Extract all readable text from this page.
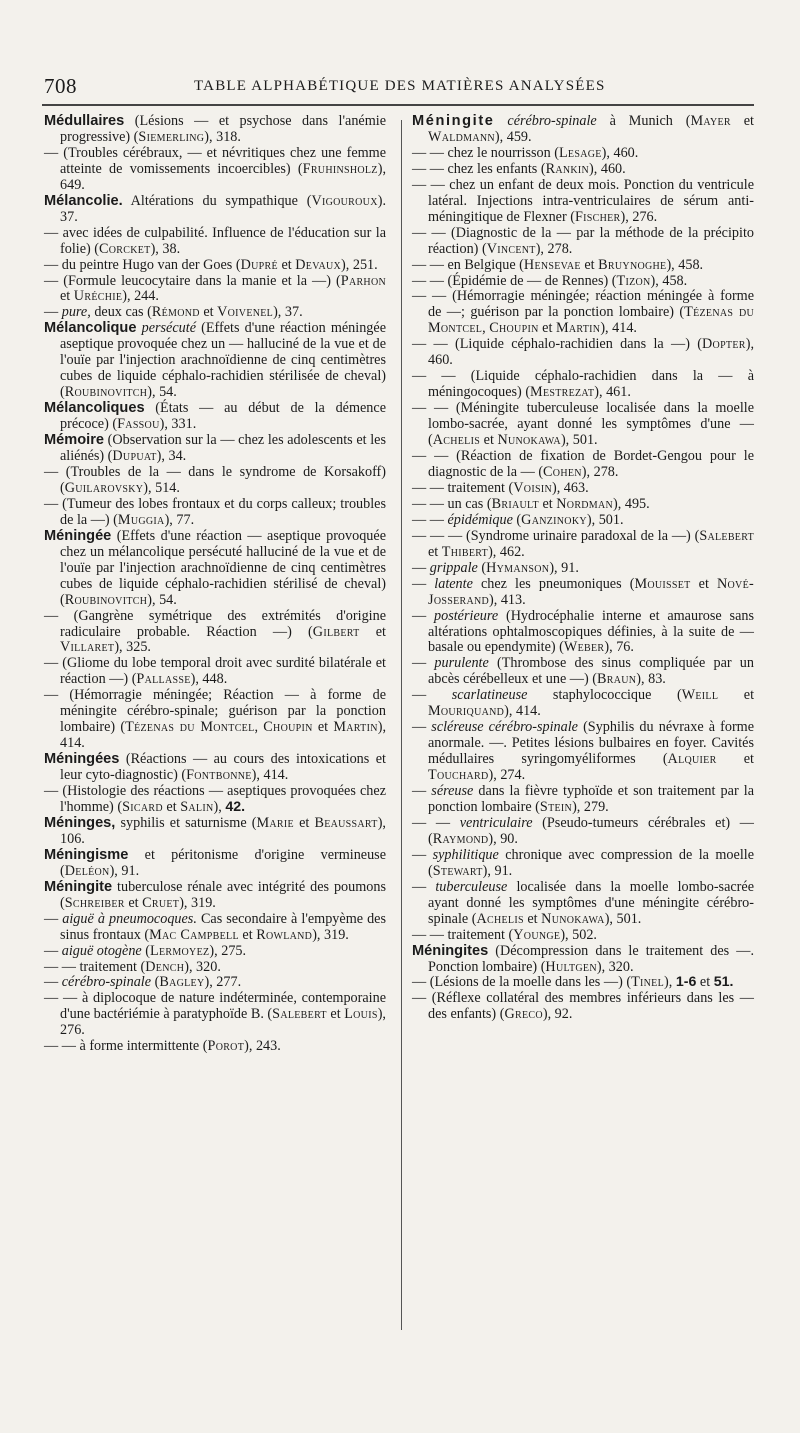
708	TABLE ALPHABÉTIQUE DES MATIÈRES ANALYSÉES

Médullaires (Lésions — et psychose dans l'anémie progressive) (Siemerling), 318.

— (Troubles cérébraux, — et névritiques chez une femme atteinte de vomissements incoercibles) (Fruhinsholz), 649.

Mélancolie. Altérations du sympathique (Vigouroux). 37.

— avec idées de culpabilité. Influence de l'éducation sur la folie) (Corcket), 38.

— du peintre Hugo van der Goes (Dupré et Devaux), 251.

— (Formule leucocytaire dans la manie et la —) (Parhon et Uréchie), 244.

— pure, deux cas (Rémond et Voivenel), 37.

Mélancolique persécuté (Effets d'une réaction méningée aseptique provoquée chez un — halluciné de la vue et de l'ouïe par l'injection arachnoïdienne de cinq centimètres cubes de liquide céphalo-rachidien stérilisée de cheval) (Roubinovitch), 54.

Mélancoliques (États — au début de la démence précoce) (Fassou), 331.

Mémoire (Observation sur la — chez les adolescents et les aliénés) (Dupuat), 34.

— (Troubles de la — dans le syndrome de Korsakoff) (Guilarovsky), 514.

— (Tumeur des lobes frontaux et du corps calleux; troubles de la —) (Muggia), 77.

Méningée (Effets d'une réaction — aseptique provoquée chez un mélancolique persécuté halluciné de la vue et de l'ouïe par l'injection arachnoïdienne de cinq centimètres cubes de liquide céphalo-rachidien stérilisé de cheval) (Roubinovitch), 54.

— (Gangrène symétrique des extrémités d'origine radiculaire probable. Réaction —) (Gilbert et Villaret), 325.

— (Gliome du lobe temporal droit avec surdité bilatérale et réaction —) (Pallasse), 448.

— (Hémorragie méningée; Réaction — à forme de méningite cérébro-spinale; guérison par la ponction lombaire) (Tézenas du Montcel, Choupin et Martin), 414.

Méningées (Réactions — au cours des intoxications et leur cyto-diagnostic) (Fontbonne), 414.

— (Histologie des réactions — aseptiques provoquées chez l'homme) (Sicard et Salin), 42.

Méninges, syphilis et saturnisme (Marie et Beaussart), 106.

Méningisme et péritonisme d'origine vermineuse (Deléon), 91.

Méningite tuberculose rénale avec intégrité des poumons (Schreiber et Cruet), 319.

— aiguë à pneumocoques. Cas secondaire à l'empyème des sinus frontaux (Mac Campbell et Rowland), 319.

— aiguë otogène (Lermoyez), 275.

— — traitement (Dench), 320.

— cérébro-spinale (Bagley), 277.

— — à diplocoque de nature indéterminée, contemporaine d'une bactériémie à paratyphoïde B. (Salebert et Louis), 276.

— — à forme intermittente (Porot), 243.

Méningite cérébro-spinale à Munich (Mayer et Waldmann), 459.

— — chez le nourrisson (Lesage), 460.

— — chez les enfants (Rankin), 460.

— — chez un enfant de deux mois. Ponction du ventricule latéral. Injections intra-ventriculaires de sérum anti-méningitique de Flexner (Fischer), 276.

— — (Diagnostic de la — par la méthode de la précipito réaction) (Vincent), 278.

— — en Belgique (Hensevae et Bruynoghe), 458.

— — (Épidémie de — de Rennes) (Tizon), 458.

— — (Hémorragie méningée; réaction méningée à forme de —; guérison par la ponction lombaire) (Tézenas du Montcel, Choupin et Martin), 414.

— — (Liquide céphalo-rachidien dans la —) (Dopter), 460.

— — (Liquide céphalo-rachidien dans la — à méningocoques) (Mestrezat), 461.

— — (Méningite tuberculeuse localisée dans la moelle lombo-sacrée, ayant donné les symptômes d'une — (Achelis et Nunokawa), 501.

— — (Réaction de fixation de Bordet-Gengou pour le diagnostic de la — (Cohen), 278.

— — traitement (Voisin), 463.

— — un cas (Briault et Nordman), 495.

— — épidémique (Ganzinoky), 501.

— — — (Syndrome urinaire paradoxal de la —) (Salebert et Thibert), 462.

— grippale (Hymanson), 91.

— latente chez les pneumoniques (Mouisset et Nové-Josserand), 413.

— postérieure (Hydrocéphalie interne et amaurose sans altérations ophtalmoscopiques définies, à la suite de — basale ou ependymite) (Weber), 76.

— purulente (Thrombose des sinus compliquée par un abcès cérébelleux et une —) (Braun), 83.

— scarlatineuse staphylococcique (Weill et Mouriquand), 414.

— scléreuse cérébro-spinale (Syphilis du névraxe à forme anormale. —. Petites lésions bulbaires en foyer. Cavités médullaires syringomyéliformes (Alquier et Touchard), 274.

— séreuse dans la fièvre typhoïde et son traitement par la ponction lombaire (Stein), 279.

— — ventriculaire (Pseudo-tumeurs cérébrales et) — (Raymond), 90.

— syphilitique chronique avec compression de la moelle (Stewart), 91.

— tuberculeuse localisée dans la moelle lombo-sacrée ayant donné les symptômes d'une méningite cérébro-spinale (Achelis et Nunokawa), 501.

— — traitement (Younge), 502.

Méningites (Décompression dans le traitement des —. Ponction lombaire) (Hultgen), 320.

— (Lésions de la moelle dans les —) (Tinel), 1-6 et 51.

— (Réflexe collatéral des membres inférieurs dans les — des enfants) (Greco), 92.
